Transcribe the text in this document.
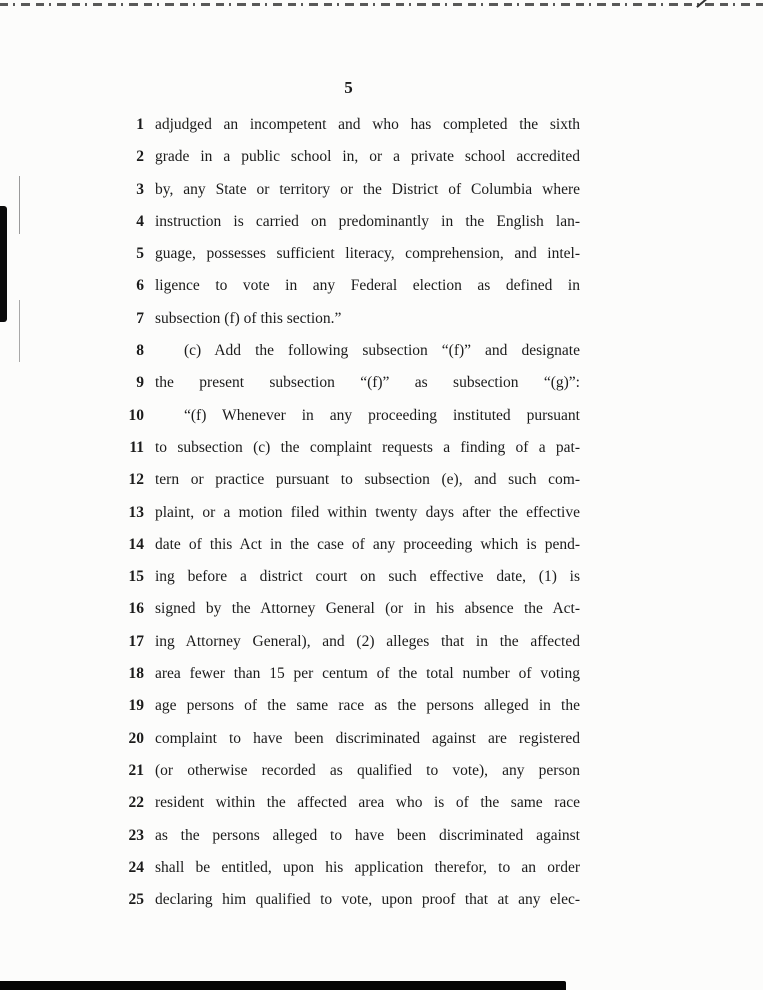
5
1 adjudged an incompetent and who has completed the sixth
2 grade in a public school in, or a private school accredited
3 by, any State or territory or the District of Columbia where
4 instruction is carried on predominantly in the English lan-
5 guage, possesses sufficient literacy, comprehension, and intel-
6 ligence to vote in any Federal election as defined in
7 subsection (f) of this section.”
8	(c) Add the following subsection “(f)” and designate
9 the present subsection “(f)” as subsection “(g)”:
10	“(f) Whenever in any proceeding instituted pursuant
11 to subsection (c) the complaint requests a finding of a pat-
12 tern or practice pursuant to subsection (e), and such com-
13 plaint, or a motion filed within twenty days after the effective
14 date of this Act in the case of any proceeding which is pend-
15 ing before a district court on such effective date, (1) is
16 signed by the Attorney General (or in his absence the Act-
17 ing Attorney General), and (2) alleges that in the affected
18 area fewer than 15 per centum of the total number of voting
19 age persons of the same race as the persons alleged in the
20 complaint to have been discriminated against are registered
21 (or otherwise recorded as qualified to vote), any person
22 resident within the affected area who is of the same race
23 as the persons alleged to have been discriminated against
24 shall be entitled, upon his application therefor, to an order
25 declaring him qualified to vote, upon proof that at any elec-
